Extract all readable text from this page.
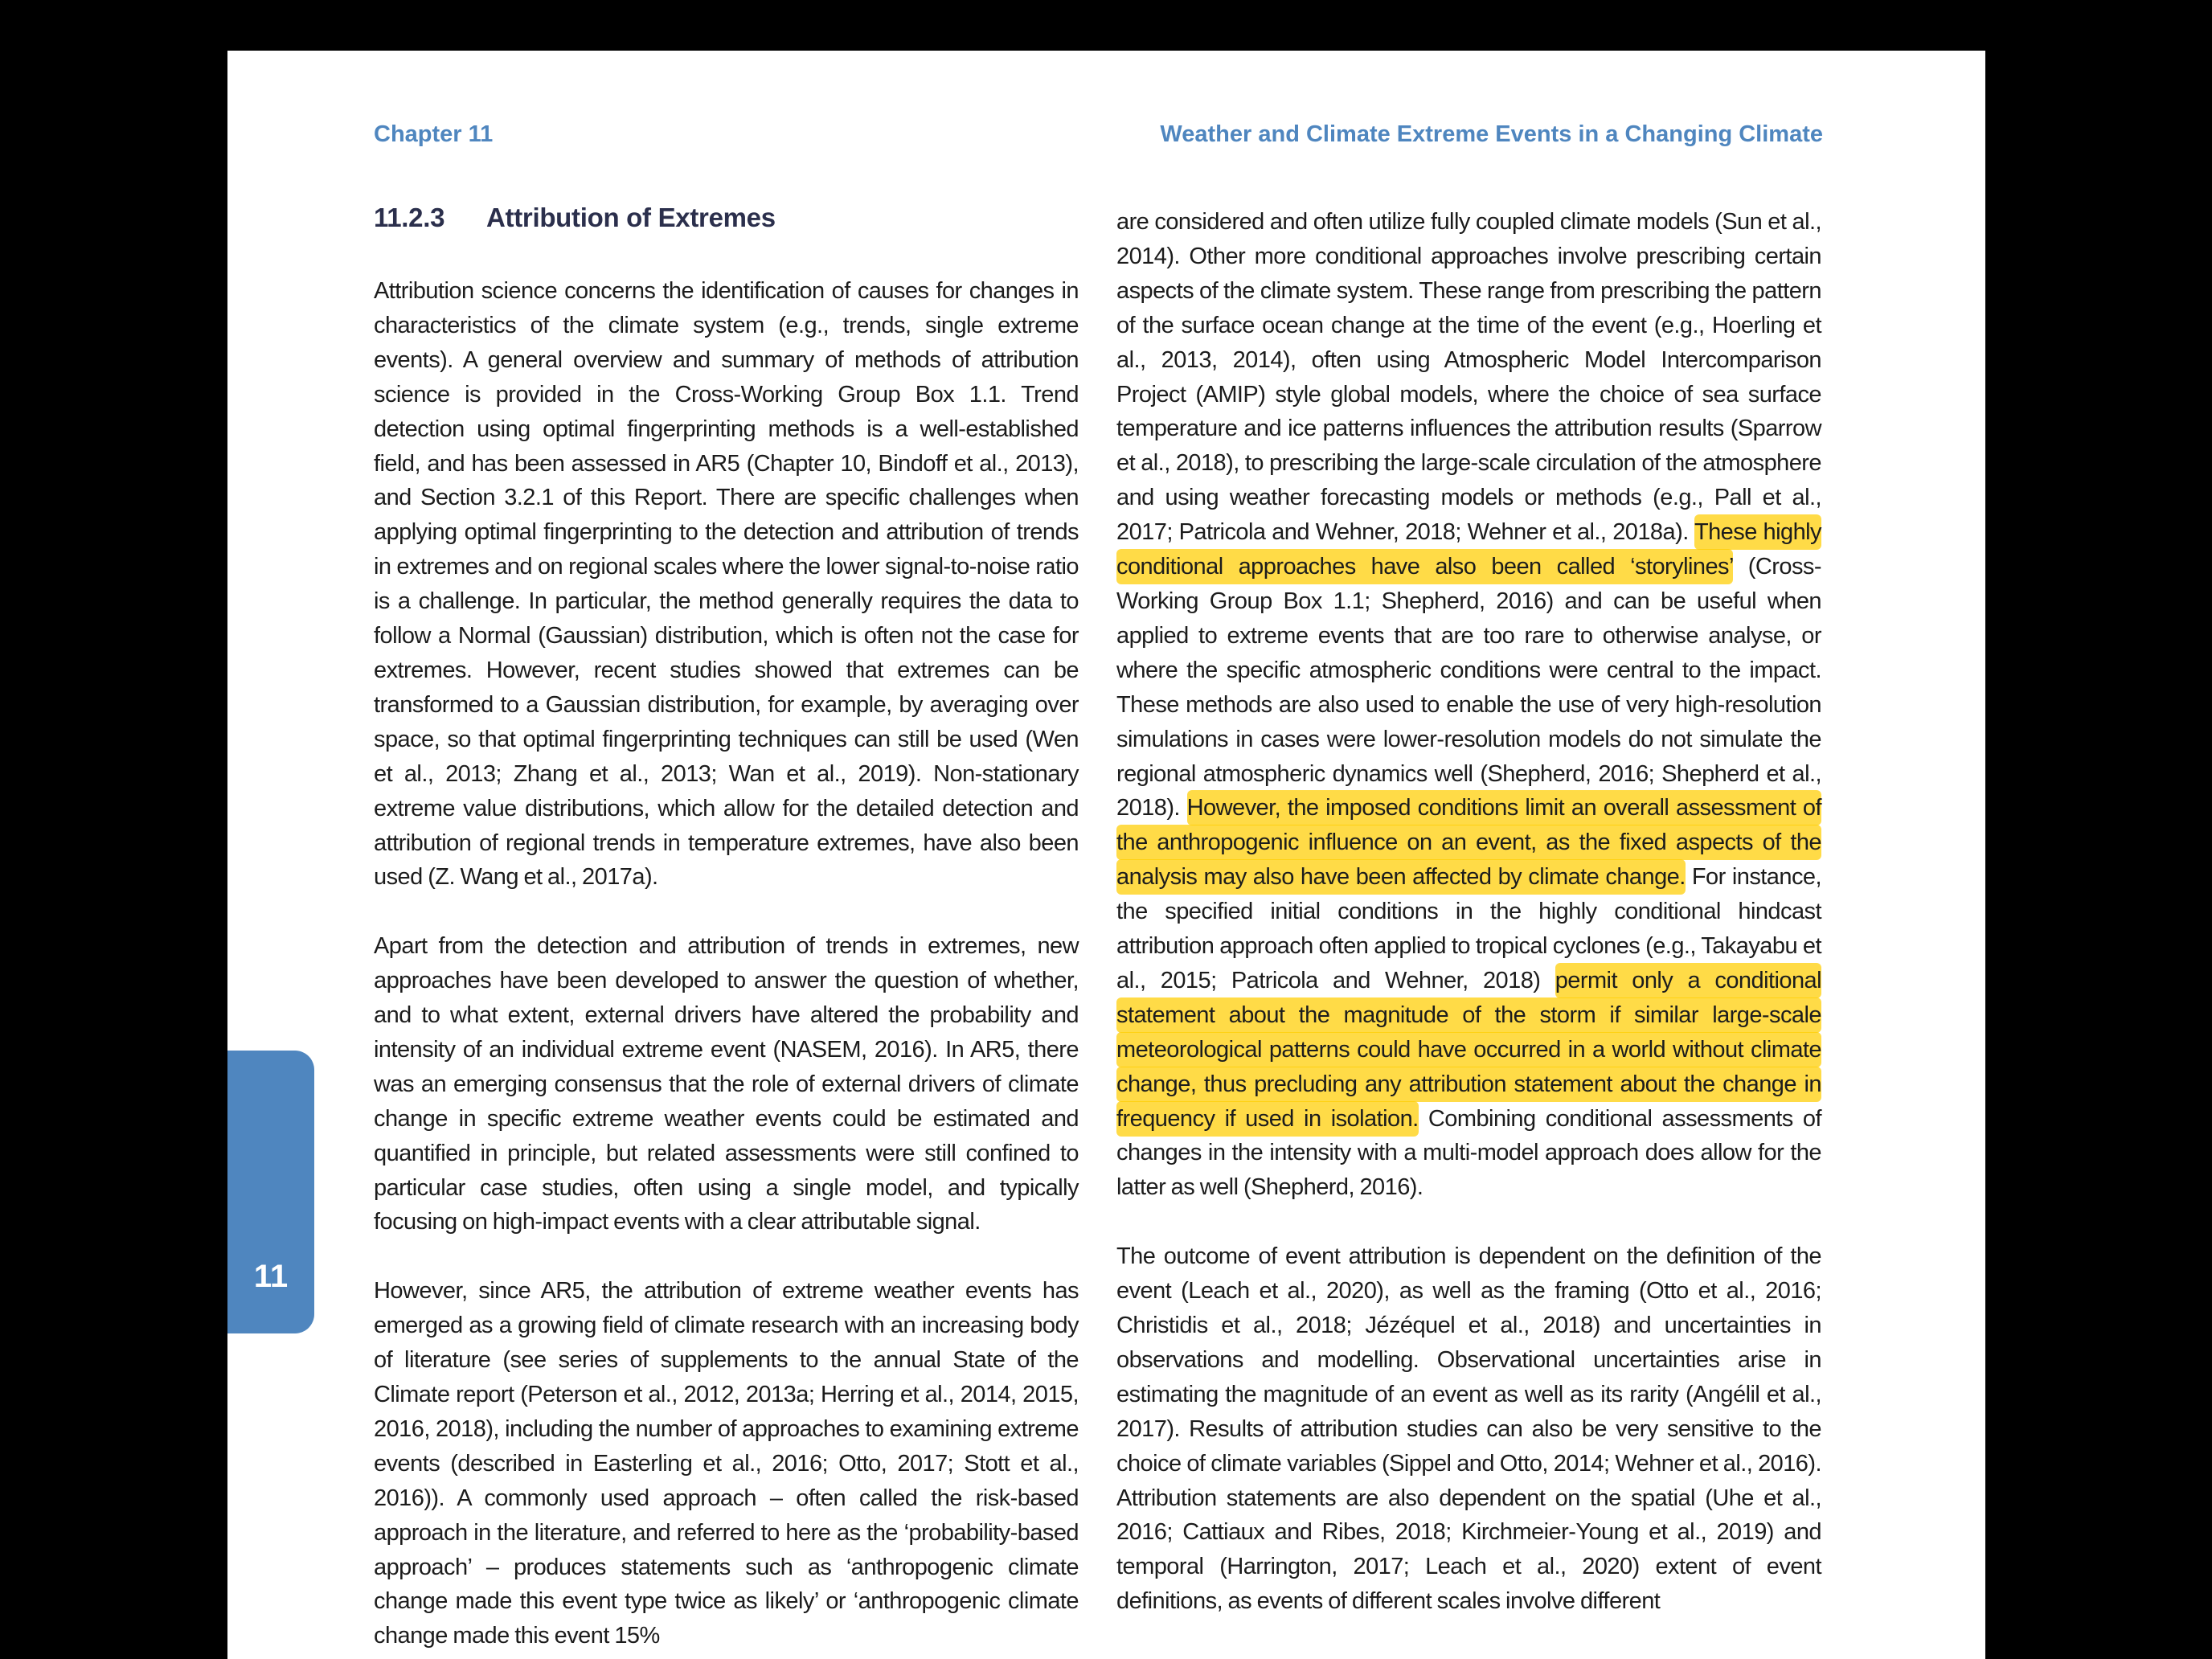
Chapter 11	Weather and Climate Extreme Events in a Changing Climate
11.2.3 Attribution of Extremes

Attribution science concerns the identification of causes for changes in characteristics of the climate system (e.g., trends, single extreme events). A general overview and summary of methods of attribution science is provided in the Cross-Working Group Box 1.1. Trend detection using optimal fingerprinting methods is a well-established field, and has been assessed in AR5 (Chapter 10, Bindoff et al., 2013), and Section 3.2.1 of this Report. There are specific challenges when applying optimal fingerprinting to the detection and attribution of trends in extremes and on regional scales where the lower signal-to-noise ratio is a challenge. In particular, the method generally requires the data to follow a Normal (Gaussian) distribution, which is often not the case for extremes. However, recent studies showed that extremes can be transformed to a Gaussian distribution, for example, by averaging over space, so that optimal fingerprinting techniques can still be used (Wen et al., 2013; Zhang et al., 2013; Wan et al., 2019). Non-stationary extreme value distributions, which allow for the detailed detection and attribution of regional trends in temperature extremes, have also been used (Z. Wang et al., 2017a).

Apart from the detection and attribution of trends in extremes, new approaches have been developed to answer the question of whether, and to what extent, external drivers have altered the probability and intensity of an individual extreme event (NASEM, 2016). In AR5, there was an emerging consensus that the role of external drivers of climate change in specific extreme weather events could be estimated and quantified in principle, but related assessments were still confined to particular case studies, often using a single model, and typically focusing on high-impact events with a clear attributable signal.

However, since AR5, the attribution of extreme weather events has emerged as a growing field of climate research with an increasing body of literature (see series of supplements to the annual State of the Climate report (Peterson et al., 2012, 2013a; Herring et al., 2014, 2015, 2016, 2018), including the number of approaches to examining extreme events (described in Easterling et al., 2016; Otto, 2017; Stott et al., 2016)). A commonly used approach – often called the risk-based approach in the literature, and referred to here as the ‘probability-based approach’ – produces statements such as ‘anthropogenic climate change made this event type twice as likely’ or ‘anthropogenic climate change made this event 15%

are considered and often utilize fully coupled climate models (Sun et al., 2014). Other more conditional approaches involve prescribing certain aspects of the climate system. These range from prescribing the pattern of the surface ocean change at the time of the event (e.g., Hoerling et al., 2013, 2014), often using Atmospheric Model Intercomparison Project (AMIP) style global models, where the choice of sea surface temperature and ice patterns influences the attribution results (Sparrow et al., 2018), to prescribing the large-scale circulation of the atmosphere and using weather forecasting models or methods (e.g., Pall et al., 2017; Patricola and Wehner, 2018; Wehner et al., 2018a). These highly conditional approaches have also been called ‘storylines’ (Cross-Working Group Box 1.1; Shepherd, 2016) and can be useful when applied to extreme events that are too rare to otherwise analyse, or where the specific atmospheric conditions were central to the impact. These methods are also used to enable the use of very high-resolution simulations in cases were lower-resolution models do not simulate the regional atmospheric dynamics well (Shepherd, 2016; Shepherd et al., 2018). However, the imposed conditions limit an overall assessment of the anthropogenic influence on an event, as the fixed aspects of the analysis may also have been affected by climate change. For instance, the specified initial conditions in the highly conditional hindcast attribution approach often applied to tropical cyclones (e.g., Takayabu et al., 2015; Patricola and Wehner, 2018) permit only a conditional statement about the magnitude of the storm if similar large-scale meteorological patterns could have occurred in a world without climate change, thus precluding any attribution statement about the change in frequency if used in isolation. Combining conditional assessments of changes in the intensity with a multi-model approach does allow for the latter as well (Shepherd, 2016).

The outcome of event attribution is dependent on the definition of the event (Leach et al., 2020), as well as the framing (Otto et al., 2016; Christidis et al., 2018; Jézéquel et al., 2018) and uncertainties in observations and modelling. Observational uncertainties arise in estimating the magnitude of an event as well as its rarity (Angélil et al., 2017). Results of attribution studies can also be very sensitive to the choice of climate variables (Sippel and Otto, 2014; Wehner et al., 2016). Attribution statements are also dependent on the spatial (Uhe et al., 2016; Cattiaux and Ribes, 2018; Kirchmeier-Young et al., 2019) and temporal (Harrington, 2017; Leach et al., 2020) extent of event definitions, as events of different scales involve different

11
